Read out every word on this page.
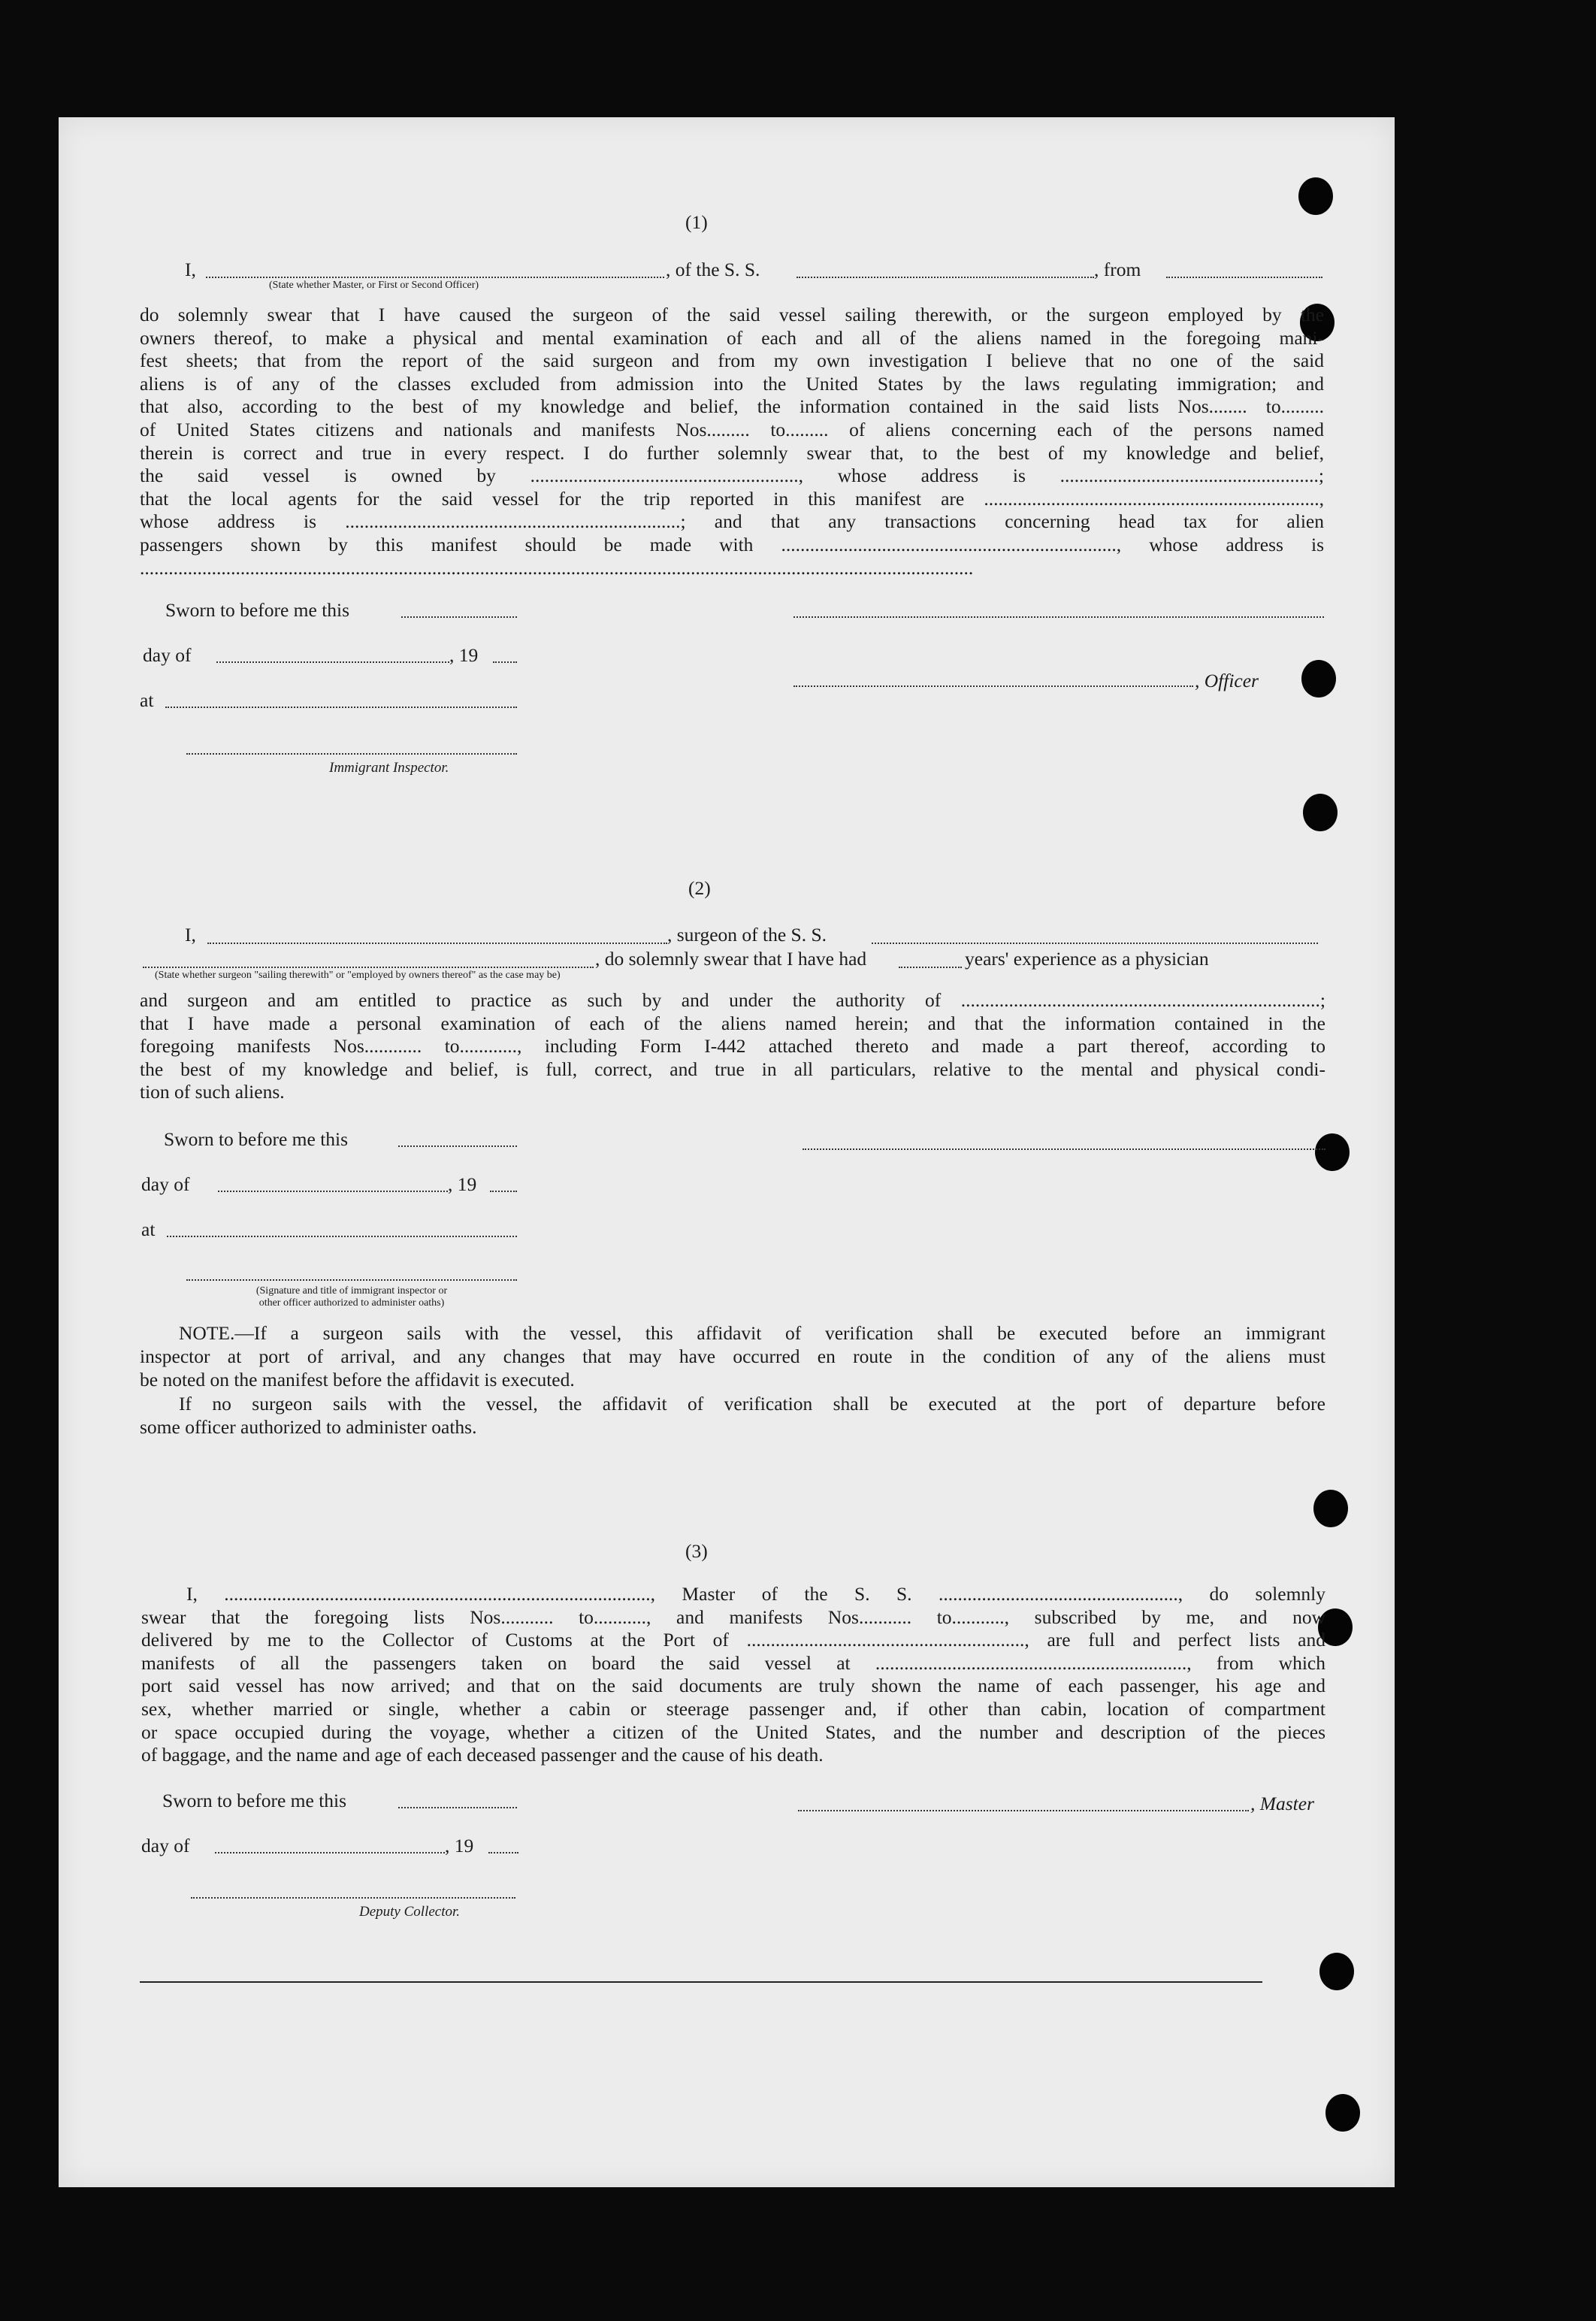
(1)
I,	, of the S. S.	, from
(State whether Master, or First or Second Officer)
do solemnly swear that I have caused the surgeon of the said vessel sailing therewith, or the surgeon employed by the
owners thereof, to make a physical and mental examination of each and all of the aliens named in the foregoing mani-
fest sheets; that from the report of the said surgeon and from my own investigation I believe that no one of the said
aliens is of any of the classes excluded from admission into the United States by the laws regulating immigration; and
that also, according to the best of my knowledge and belief, the information contained in the said lists Nos........ to.........
of United States citizens and nationals and manifests Nos......... to......... of aliens concerning each of the persons named
therein is correct and true in every respect. I do further solemnly swear that, to the best of my knowledge and belief,
the said vessel is owned by ........................................................, whose address is ......................................................;
that the local agents for the said vessel for the trip reported in this manifest are ......................................................................,
whose address is ......................................................................; and that any transactions concerning head tax for alien
passengers shown by this manifest should be made with ......................................................................, whose address is
..............................................................................................................................................................................
Sworn to before me this
day of	, 19
, Officer
at
Immigrant Inspector.
(2)
I,	, surgeon of the S. S.
, do solemnly swear that I have had	years' experience as a physician
(State whether surgeon "sailing therewith" or "employed by owners thereof" as the case may be)
and surgeon and am entitled to practice as such by and under the authority of ...........................................................................;
that I have made a personal examination of each of the aliens named herein; and that the information contained in the
foregoing manifests Nos............ to............, including Form I-442 attached thereto and made a part thereof, according to
the best of my knowledge and belief, is full, correct, and true in all particulars, relative to the mental and physical condi-
tion of such aliens.
Sworn to before me this
day of	, 19
at
(Signature and title of immigrant inspector or
other officer authorized to administer oaths)
NOTE.—If a surgeon sails with the vessel, this affidavit of verification shall be executed before an immigrant
inspector at port of arrival, and any changes that may have occurred en route in the condition of any of the aliens must
be noted on the manifest before the affidavit is executed.
If no surgeon sails with the vessel, the affidavit of verification shall be executed at the port of departure before
some officer authorized to administer oaths.
(3)
I, ........................................................................................., Master of the S. S. .................................................., do solemnly
swear that the foregoing lists Nos........... to..........., and manifests Nos........... to..........., subscribed by me, and now
delivered by me to the Collector of Customs at the Port of .........................................................., are full and perfect lists and
manifests of all the passengers taken on board the said vessel at ................................................................., from which
port said vessel has now arrived; and that on the said documents are truly shown the name of each passenger, his age and
sex, whether married or single, whether a cabin or steerage passenger and, if other than cabin, location of compartment
or space occupied during the voyage, whether a citizen of the United States, and the number and description of the pieces
of baggage, and the name and age of each deceased passenger and the cause of his death.
Sworn to before me this	, Master
day of	, 19
Deputy Collector.
